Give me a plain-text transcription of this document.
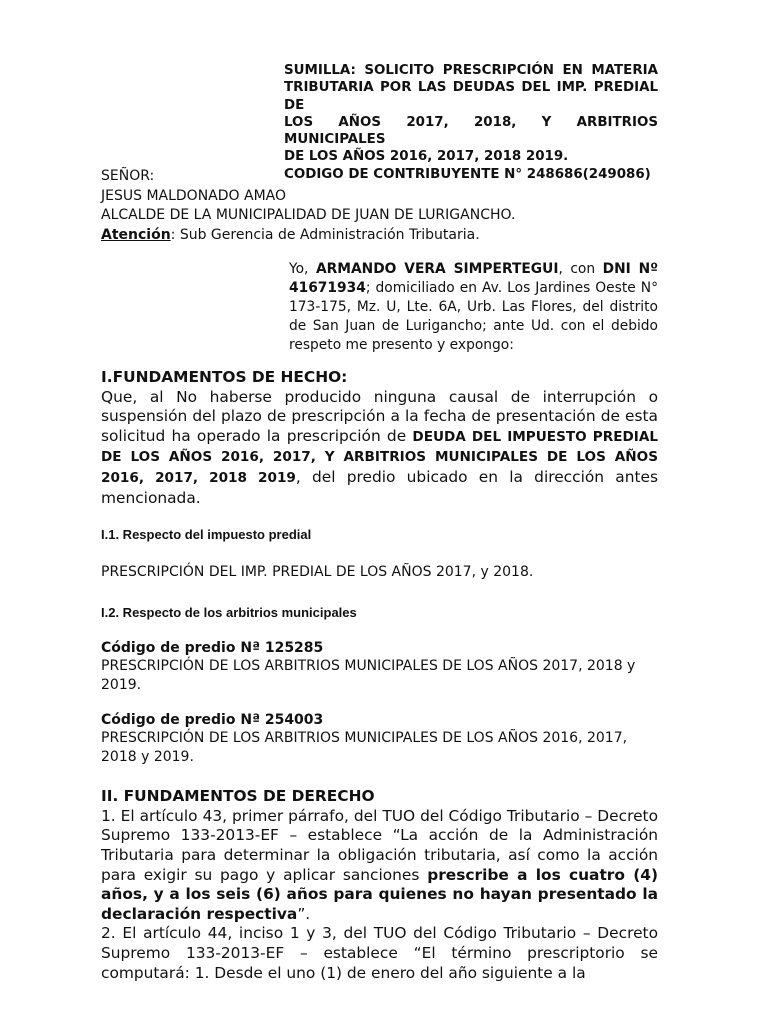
SUMILLA: SOLICITO PRESCRIPCIÓN EN MATERIA
TRIBUTARIA POR LAS DEUDAS DEL IMP. PREDIAL DE
LOS AÑOS 2017, 2018, Y ARBITRIOS MUNICIPALES
DE LOS AÑOS 2016, 2017, 2018 2019.
CODIGO DE CONTRIBUYENTE N° 248686(249086)
SEÑOR:
JESUS MALDONADO AMAO
ALCALDE DE LA MUNICIPALIDAD DE JUAN DE LURIGANCHO.
Atención: Sub Gerencia de Administración Tributaria.
Yo, ARMANDO VERA SIMPERTEGUI, con DNI Nº 41671934; domiciliado en Av. Los Jardines Oeste N° 173-175, Mz. U, Lte. 6A, Urb. Las Flores, del distrito de San Juan de Lurigancho; ante Ud. con el debido respeto me presento y expongo:
I.FUNDAMENTOS DE HECHO:

Que, al No haberse producido ninguna causal de interrupción o suspensión del plazo de prescripción a la fecha de presentación de esta solicitud ha operado la prescripción de DEUDA DEL IMPUESTO PREDIAL DE LOS AÑOS 2016, 2017, Y ARBITRIOS MUNICIPALES DE LOS AÑOS 2016, 2017, 2018 2019, del predio ubicado en la dirección antes mencionada.

I.1. Respecto del impuesto predial
PRESCRIPCIÓN DEL IMP. PREDIAL DE LOS AÑOS 2017, y 2018.
I.2. Respecto de los arbitrios municipales
Código de predio Nª 125285
PRESCRIPCIÓN DE LOS ARBITRIOS MUNICIPALES DE LOS AÑOS 2017, 2018 y 2019.
Código de predio Nª 254003
PRESCRIPCIÓN DE LOS ARBITRIOS MUNICIPALES DE LOS AÑOS 2016, 2017, 2018 y 2019.
II. FUNDAMENTOS DE DERECHO

1. El artículo 43, primer párrafo, del TUO del Código Tributario – Decreto Supremo 133-2013-EF – establece “La acción de la Administración Tributaria para determinar la obligación tributaria, así como la acción para exigir su pago y aplicar sanciones prescribe a los cuatro (4) años, y a los seis (6) años para quienes no hayan presentado la declaración respectiva”.

2. El artículo 44, inciso 1 y 3, del TUO del Código Tributario – Decreto Supremo 133-2013-EF – establece “El término prescriptorio se computará: 1. Desde el uno (1) de enero del año siguiente a la
